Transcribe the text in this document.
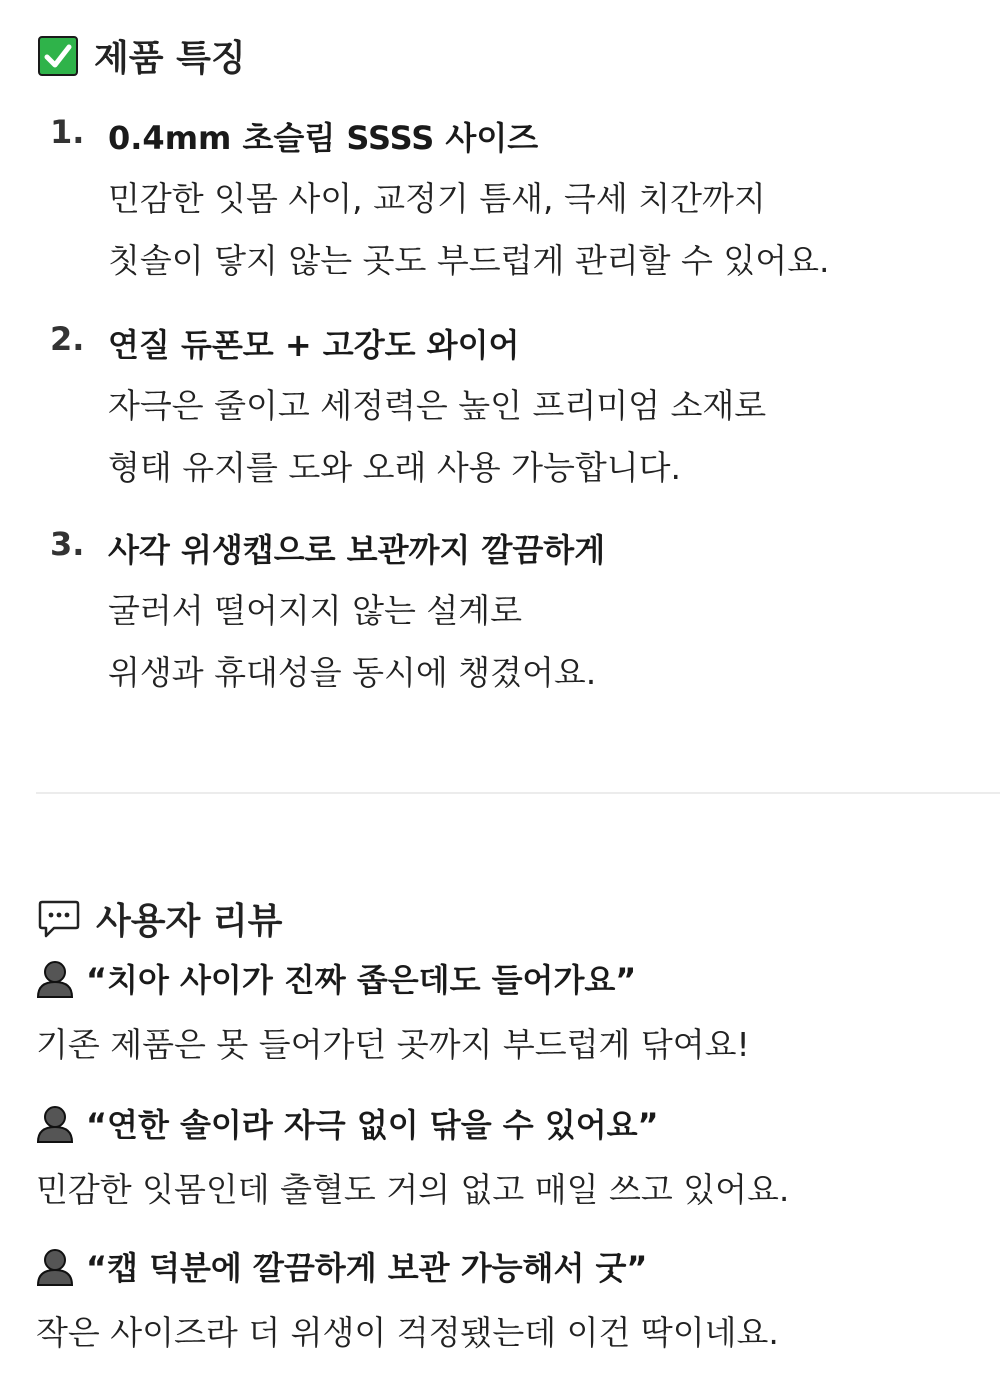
제품 특징
1. 0.4mm 초슬림 SSSS 사이즈
민감한 잇몸 사이, 교정기 틈새, 극세 치간까지
칫솔이 닿지 않는 곳도 부드럽게 관리할 수 있어요.
2. 연질 듀폰모 + 고강도 와이어
자극은 줄이고 세정력은 높인 프리미엄 소재로
형태 유지를 도와 오래 사용 가능합니다.
3. 사각 위생캡으로 보관까지 깔끔하게
굴러서 떨어지지 않는 설계로
위생과 휴대성을 동시에 챙겼어요.
사용자 리뷰
“치아 사이가 진짜 좁은데도 들어가요”
기존 제품은 못 들어가던 곳까지 부드럽게 닦여요!
“연한 솔이라 자극 없이 닦을 수 있어요”
민감한 잇몸인데 출혈도 거의 없고 매일 쓰고 있어요.
“캡 덕분에 깔끔하게 보관 가능해서 굿”
작은 사이즈라 더 위생이 걱정됐는데 이건 딱이네요.
